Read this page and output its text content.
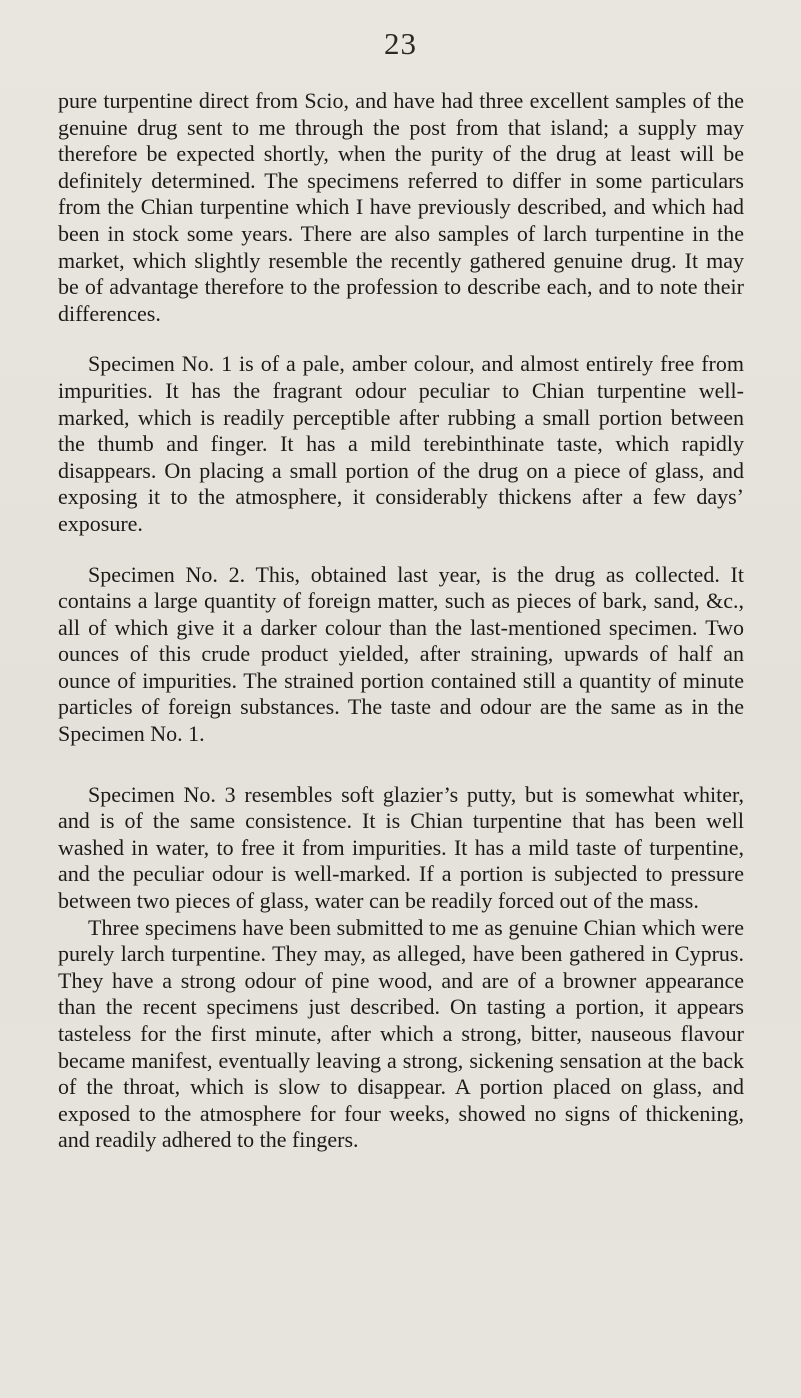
23

pure turpentine direct from Scio, and have had three excellent samples of the genuine drug sent to me through the post from that island; a supply may therefore be expected shortly, when the purity of the drug at least will be definitely determined. The specimens referred to differ in some particulars from the Chian turpentine which I have previously described, and which had been in stock some years. There are also samples of larch turpentine in the market, which slightly resemble the recently gathered genuine drug. It may be of advantage therefore to the profession to describe each, and to note their differences.

Specimen No. 1 is of a pale, amber colour, and almost entirely free from impurities. It has the fragrant odour peculiar to Chian turpentine well-marked, which is readily perceptible after rubbing a small portion between the thumb and finger. It has a mild terebinthinate taste, which rapidly disappears. On placing a small portion of the drug on a piece of glass, and exposing it to the atmosphere, it considerably thickens after a few days’ exposure.

Specimen No. 2. This, obtained last year, is the drug as collected. It contains a large quantity of foreign matter, such as pieces of bark, sand, &c., all of which give it a darker colour than the last-mentioned specimen. Two ounces of this crude product yielded, after straining, upwards of half an ounce of impurities. The strained portion contained still a quantity of minute particles of foreign substances. The taste and odour are the same as in the Specimen No. 1.

Specimen No. 3 resembles soft glazier’s putty, but is somewhat whiter, and is of the same consistence. It is Chian turpentine that has been well washed in water, to free it from impurities. It has a mild taste of turpentine, and the peculiar odour is well-marked. If a portion is subjected to pressure between two pieces of glass, water can be readily forced out of the mass.

Three specimens have been submitted to me as genuine Chian which were purely larch turpentine. They may, as alleged, have been gathered in Cyprus. They have a strong odour of pine wood, and are of a browner appearance than the recent specimens just described. On tasting a portion, it appears tasteless for the first minute, after which a strong, bitter, nauseous flavour became manifest, eventually leaving a strong, sickening sensation at the back of the throat, which is slow to disappear. A portion placed on glass, and exposed to the atmosphere for four weeks, showed no signs of thickening, and readily adhered to the fingers.
